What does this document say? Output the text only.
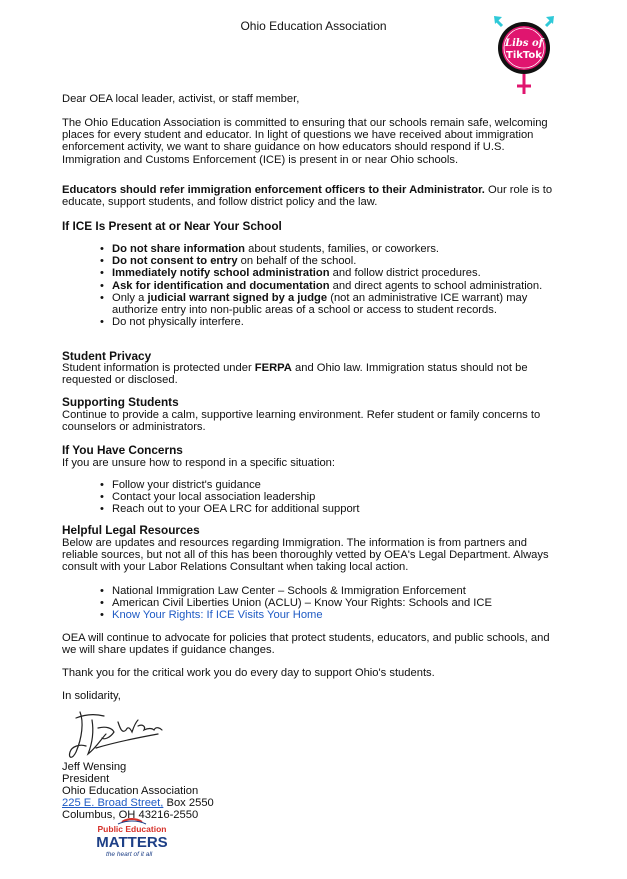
Ohio Education Association
Libs of
TikTok

Dear OEA local leader, activist, or staff member,

The Ohio Education Association is committed to ensuring that our schools remain safe, welcoming places for every student and educator. In light of questions we have received about immigration enforcement activity, we want to share guidance on how educators should respond if U.S. Immigration and Customs Enforcement (ICE) is present in or near Ohio schools.

Educators should refer immigration enforcement officers to their Administrator. Our role is to educate, support students, and follow district policy and the law.

If ICE Is Present at or Near Your School
• Do not share information about students, families, or coworkers.
• Do not consent to entry on behalf of the school.
• Immediately notify school administration and follow district procedures.
• Ask for identification and documentation and direct agents to school administration.
• Only a judicial warrant signed by a judge (not an administrative ICE warrant) may authorize entry into non-public areas of a school or access to student records.
• Do not physically interfere.
Student Privacy

Student information is protected under FERPA and Ohio law. Immigration status should not be requested or disclosed.

Supporting Students

Continue to provide a calm, supportive learning environment. Refer student or family concerns to counselors or administrators.

If You Have Concerns

If you are unsure how to respond in a specific situation:

• Follow your district's guidance
• Contact your local association leadership
• Reach out to your OEA LRC for additional support
Helpful Legal Resources

Below are updates and resources regarding Immigration. The information is from partners and reliable sources, but not all of this has been thoroughly vetted by OEA's Legal Department. Always consult with your Labor Relations Consultant when taking local action.

• National Immigration Law Center – Schools & Immigration Enforcement
• American Civil Liberties Union (ACLU) – Know Your Rights: Schools and ICE
• Know Your Rights: If ICE Visits Your Home

OEA will continue to advocate for policies that protect students, educators, and public schools, and we will share updates if guidance changes.

Thank you for the critical work you do every day to support Ohio's students.

In solidarity,

Jeff Wensing

President

Ohio Education Association

225 E. Broad Street, Box 2550

Columbus, OH 43216-2550

Public Education
MATTERS
the heart of it all
